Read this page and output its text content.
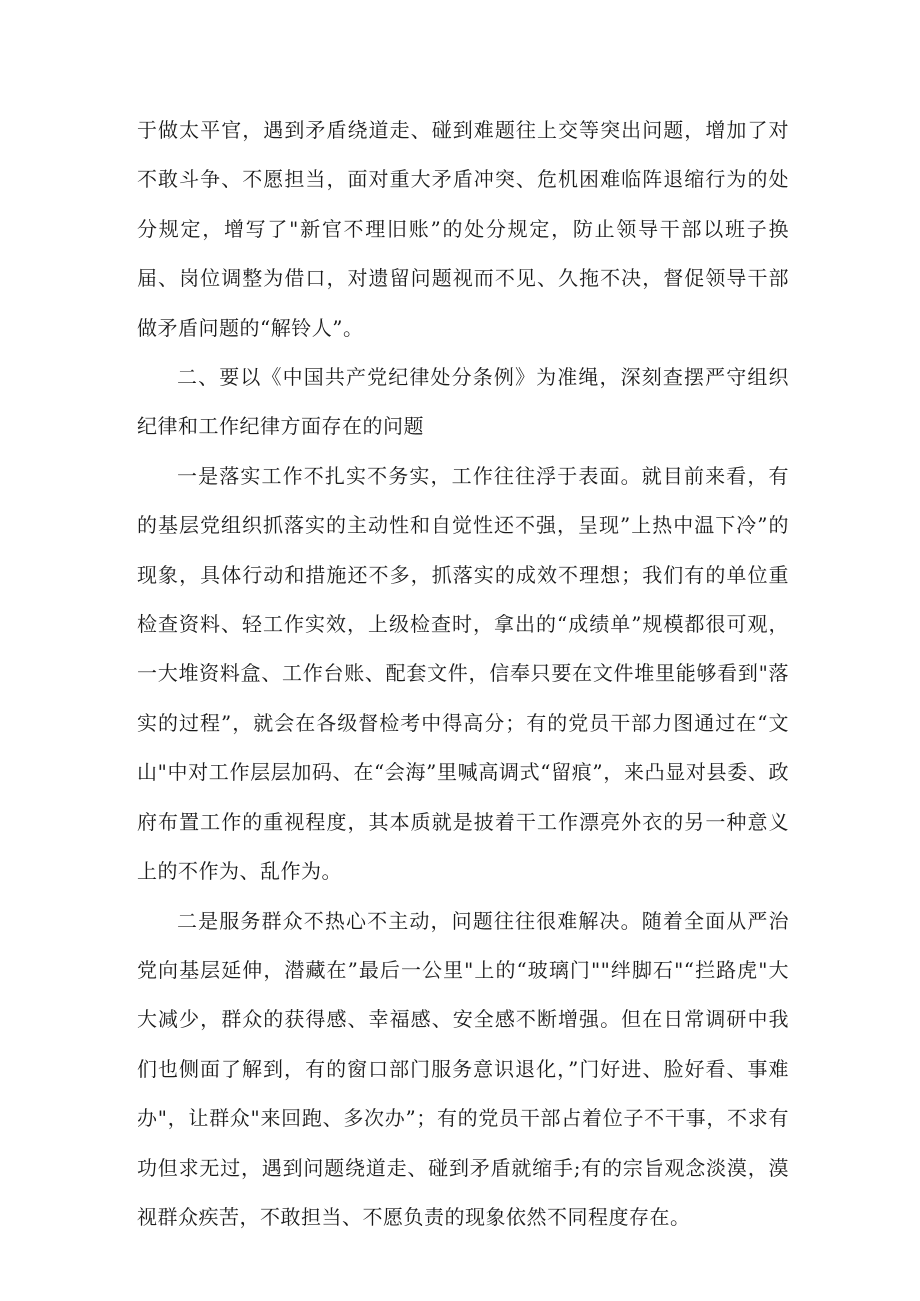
于做太平官，遇到矛盾绕道走、碰到难题往上交等突出问题，增加了对不敢斗争、不愿担当，面对重大矛盾冲突、危机困难临阵退缩行为的处分规定，增写了"新官不理旧账”的处分规定，防止领导干部以班子换届、岗位调整为借口，对遗留问题视而不见、久拖不决，督促领导干部做矛盾问题的“解铃人”。

二、要以《中国共产党纪律处分条例》为准绳，深刻查摆严守组织纪律和工作纪律方面存在的问题

一是落实工作不扎实不务实，工作往往浮于表面。就目前来看，有的基层党组织抓落实的主动性和自觉性还不强，呈现”上热中温下冷”的现象，具体行动和措施还不多，抓落实的成效不理想；我们有的单位重检查资料、轻工作实效，上级检查时，拿出的“成绩单”规模都很可观，一大堆资料盒、工作台账、配套文件，信奉只要在文件堆里能够看到"落实的过程”，就会在各级督检考中得高分；有的党员干部力图通过在“文山"中对工作层层加码、在“会海”里喊高调式“留痕”，来凸显对县委、政府布置工作的重视程度，其本质就是披着干工作漂亮外衣的另一种意义上的不作为、乱作为。

二是服务群众不热心不主动，问题往往很难解决。随着全面从严治党向基层延伸，潜藏在”最后一公里"上的“玻璃门""绊脚石"“拦路虎"大大减少，群众的获得感、幸福感、安全感不断增强。但在日常调研中我们也侧面了解到，有的窗口部门服务意识退化，”门好进、脸好看、事难办"，让群众"来回跑、多次办”；有的党员干部占着位子不干事，不求有功但求无过，遇到问题绕道走、碰到矛盾就缩手;有的宗旨观念淡漠，漠视群众疾苦，不敢担当、不愿负责的现象依然不同程度存在。
